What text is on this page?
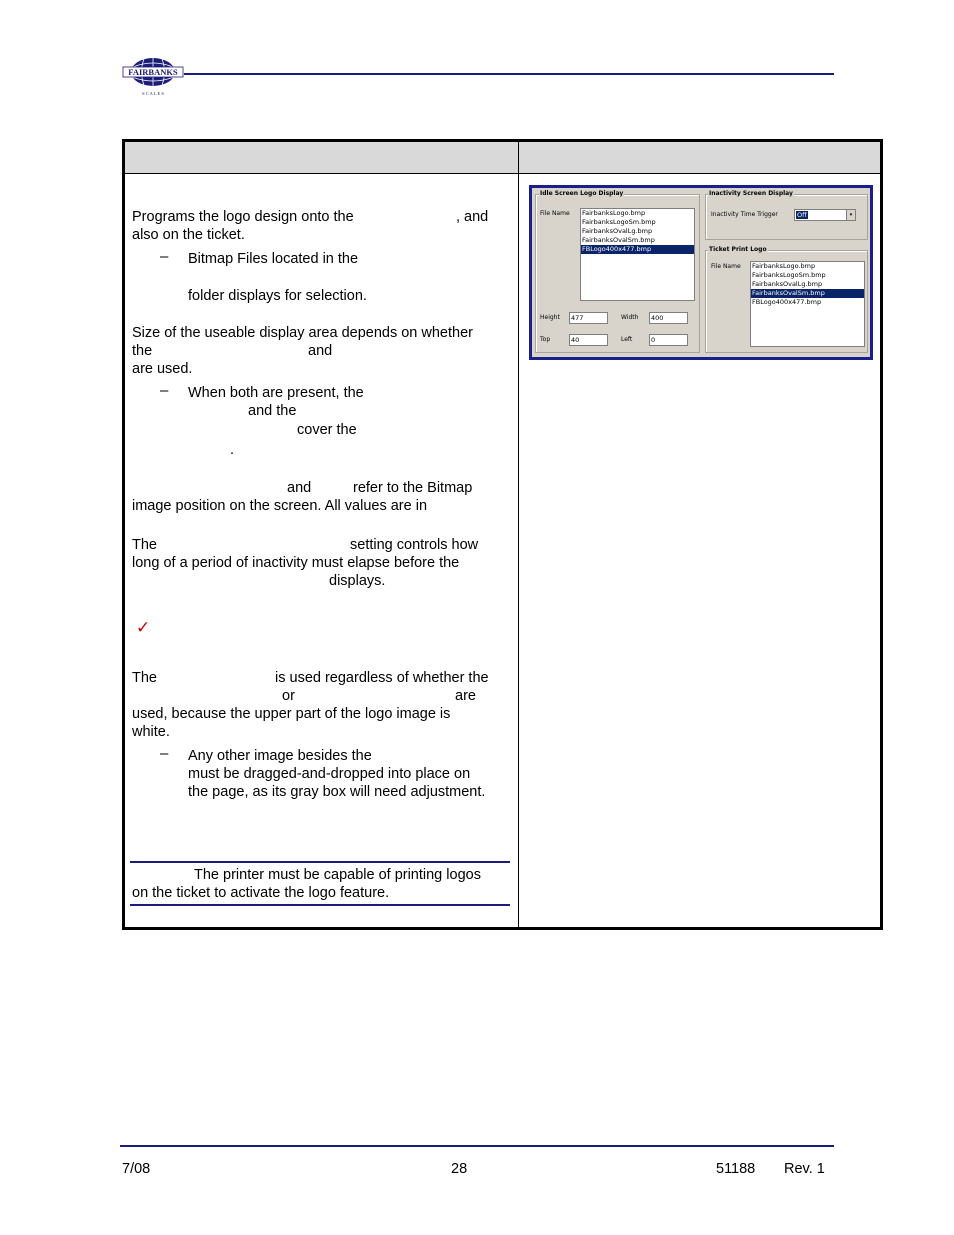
FAIRBANKS
S C A L E S
Programs the logo design onto the	, and
also on the ticket.
– Bitmap Files located in the
folder displays for selection.
Size of the useable display area depends on whether
the	and
are used.
– When both are present, the
and the
cover the
.
and	refer to the Bitmap
image position on the screen. All values are in
The	setting controls how
long of a period of inactivity must elapse before the
displays.
✓
The	is used regardless of whether the
or	are
used, because the upper part of the logo image is
white.
– Any other image besides the
must be dragged-and-dropped into place on
the page, as its gray box will need adjustment.
The printer must be capable of printing logos
on the ticket to activate the logo feature.
Idle Screen Logo Display
File Name FairbanksLogo.bmp
FairbanksLogoSm.bmp
FairbanksOvalLg.bmp
FairbanksOvalSm.bmp
FBLogo400x477.bmp
Height	477	Width	400
Top	40	Left	0
Inactivity Screen Display
Inactivity Time Trigger	Off	▾
Ticket Print Logo
File Name FairbanksLogo.bmp
FairbanksLogoSm.bmp
FairbanksOvalLg.bmp
FairbanksOvalSm.bmp
FBLogo400x477.bmp
7/08	28	51188 Rev. 1
